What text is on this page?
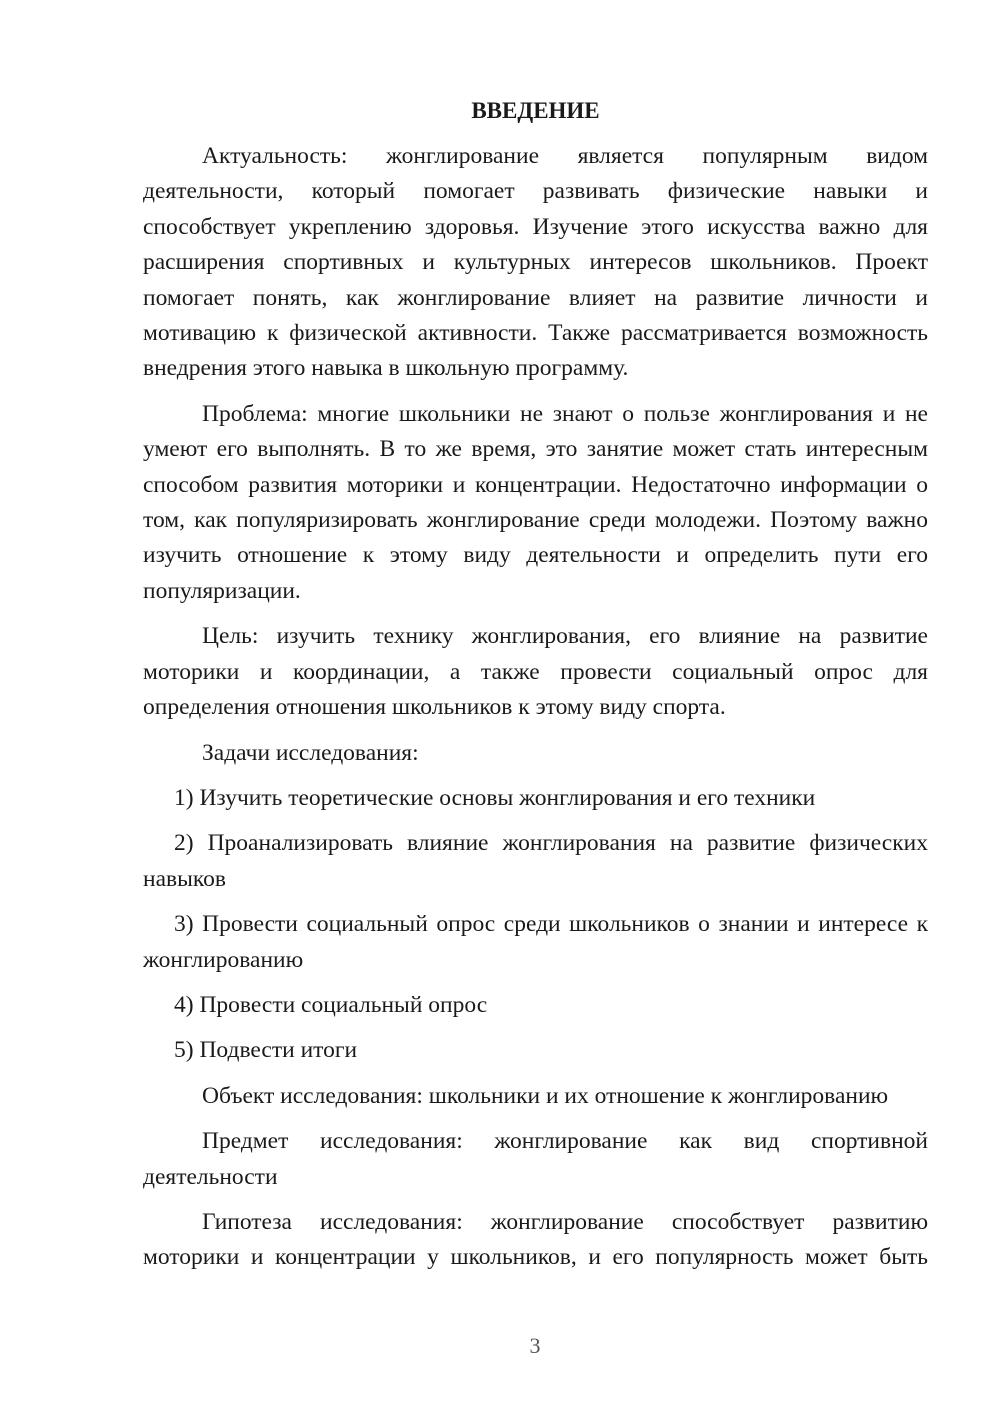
ВВЕДЕНИЕ

Актуальность: жонглирование является популярным видом деятельности, который помогает развивать физические навыки и способствует укреплению здоровья. Изучение этого искусства важно для расширения спортивных и культурных интересов школьников. Проект помогает понять, как жонглирование влияет на развитие личности и мотивацию к физической активности. Также рассматривается возможность внедрения этого навыка в школьную программу.

Проблема: многие школьники не знают о пользе жонглирования и не умеют его выполнять. В то же время, это занятие может стать интересным способом развития моторики и концентрации. Недостаточно информации о том, как популяризировать жонглирование среди молодежи. Поэтому важно изучить отношение к этому виду деятельности и определить пути его популяризации.

Цель: изучить технику жонглирования, его влияние на развитие моторики и координации, а также провести социальный опрос для определения отношения школьников к этому виду спорта.

Задачи исследования:

1) Изучить теоретические основы жонглирования и его техники

2) Проанализировать влияние жонглирования на развитие физических навыков

3) Провести социальный опрос среди школьников о знании и интересе к жонглированию

4) Провести социальный опрос

5) Подвести итоги

Объект исследования: школьники и их отношение к жонглированию

Предмет исследования: жонглирование как вид спортивной деятельности

Гипотеза исследования: жонглирование способствует развитию моторики и концентрации у школьников, и его популярность может быть

3
